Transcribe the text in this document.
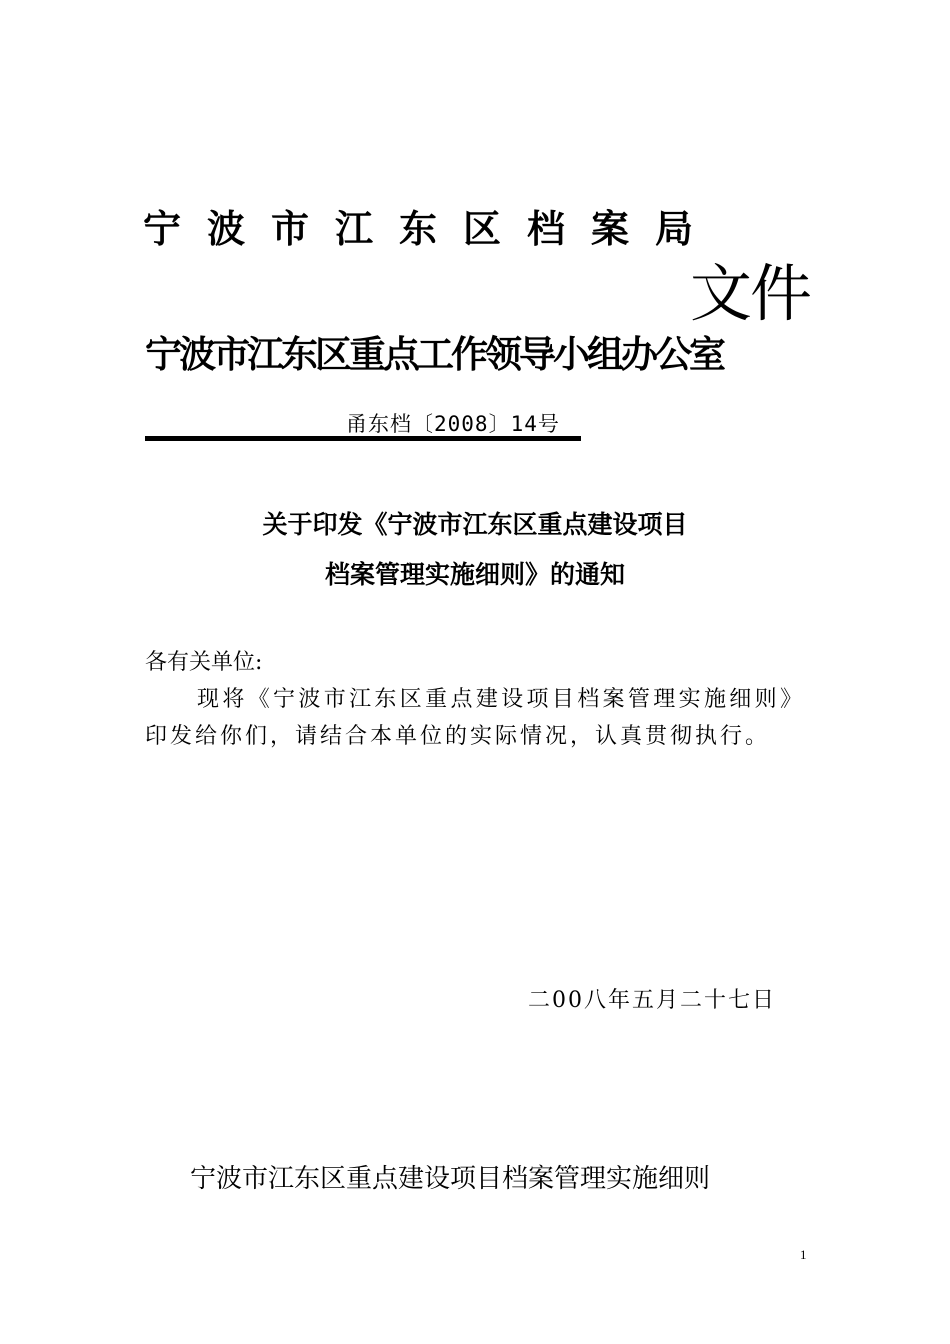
宁波市江东区档案局
文件
宁波市江东区重点工作领导小组办公室
甬东档〔2008〕14号
关于印发《宁波市江东区重点建设项目
档案管理实施细则》的通知
各有关单位:
现将《宁波市江东区重点建设项目档案管理实施细则》印发给你们，请结合本单位的实际情况，认真贯彻执行。
二00八年五月二十七日
宁波市江东区重点建设项目档案管理实施细则
1
